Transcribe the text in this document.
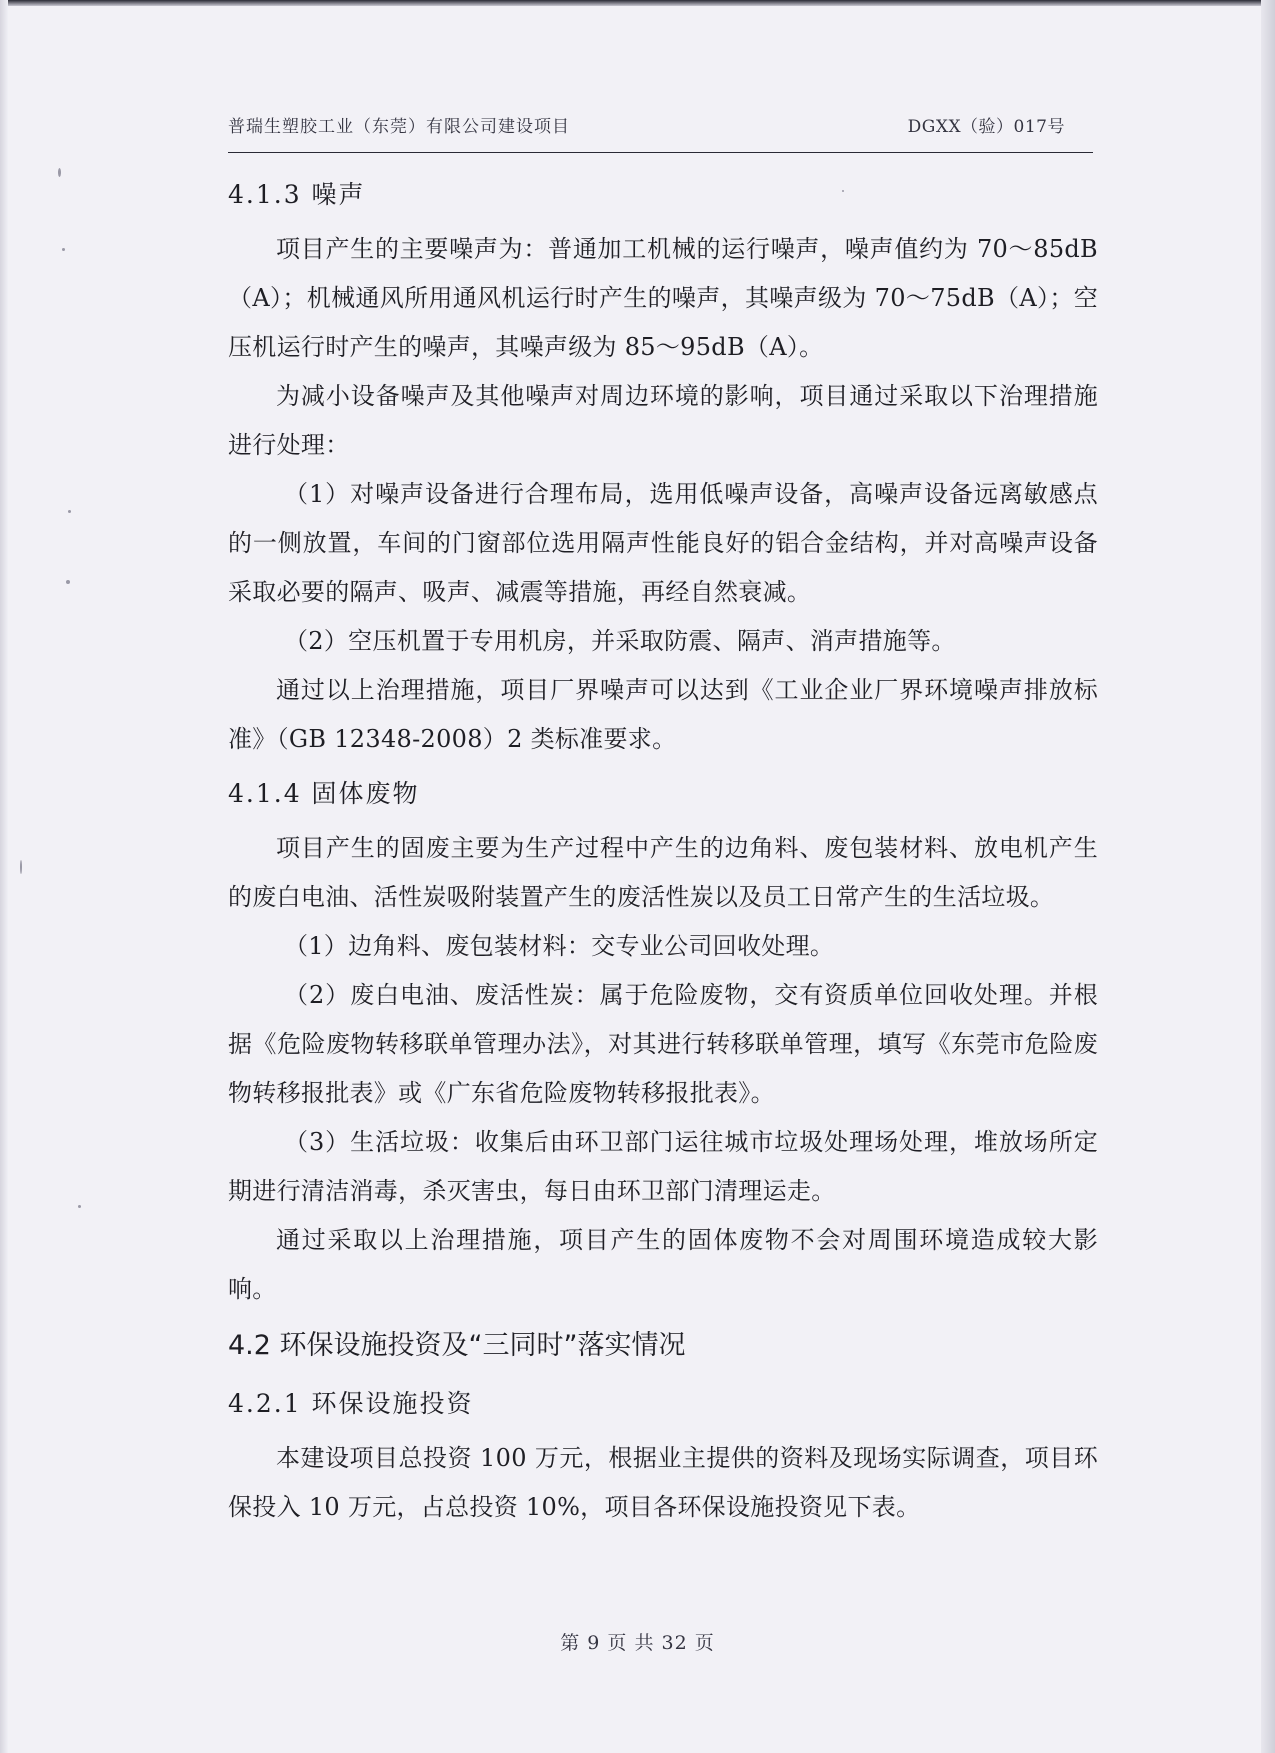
普瑞生塑胶工业（东莞）有限公司建设项目	DGXX（验）017号
4.1.3 噪声

项目产生的主要噪声为：普通加工机械的运行噪声，噪声值约为 70～85dB（A）；机械通风所用通风机运行时产生的噪声，其噪声级为 70～75dB（A）；空压机运行时产生的噪声，其噪声级为 85～95dB（A）。

为减小设备噪声及其他噪声对周边环境的影响，项目通过采取以下治理措施进行处理：

（1）对噪声设备进行合理布局，选用低噪声设备，高噪声设备远离敏感点的一侧放置，车间的门窗部位选用隔声性能良好的铝合金结构，并对高噪声设备采取必要的隔声、吸声、减震等措施，再经自然衰减。

（2）空压机置于专用机房，并采取防震、隔声、消声措施等。

通过以上治理措施，项目厂界噪声可以达到《工业企业厂界环境噪声排放标准》（GB 12348-2008）2 类标准要求。

4.1.4 固体废物

项目产生的固废主要为生产过程中产生的边角料、废包装材料、放电机产生的废白电油、活性炭吸附装置产生的废活性炭以及员工日常产生的生活垃圾。

（1）边角料、废包装材料：交专业公司回收处理。

（2）废白电油、废活性炭：属于危险废物，交有资质单位回收处理。并根据《危险废物转移联单管理办法》，对其进行转移联单管理，填写《东莞市危险废物转移报批表》或《广东省危险废物转移报批表》。

（3）生活垃圾：收集后由环卫部门运往城市垃圾处理场处理，堆放场所定期进行清洁消毒，杀灭害虫，每日由环卫部门清理运走。

通过采取以上治理措施，项目产生的固体废物不会对周围环境造成较大影响。

4.2 环保设施投资及“三同时”落实情况
4.2.1 环保设施投资

本建设项目总投资 100 万元，根据业主提供的资料及现场实际调查，项目环保投入 10 万元，占总投资 10%，项目各环保设施投资见下表。

第 9 页 共 32 页
